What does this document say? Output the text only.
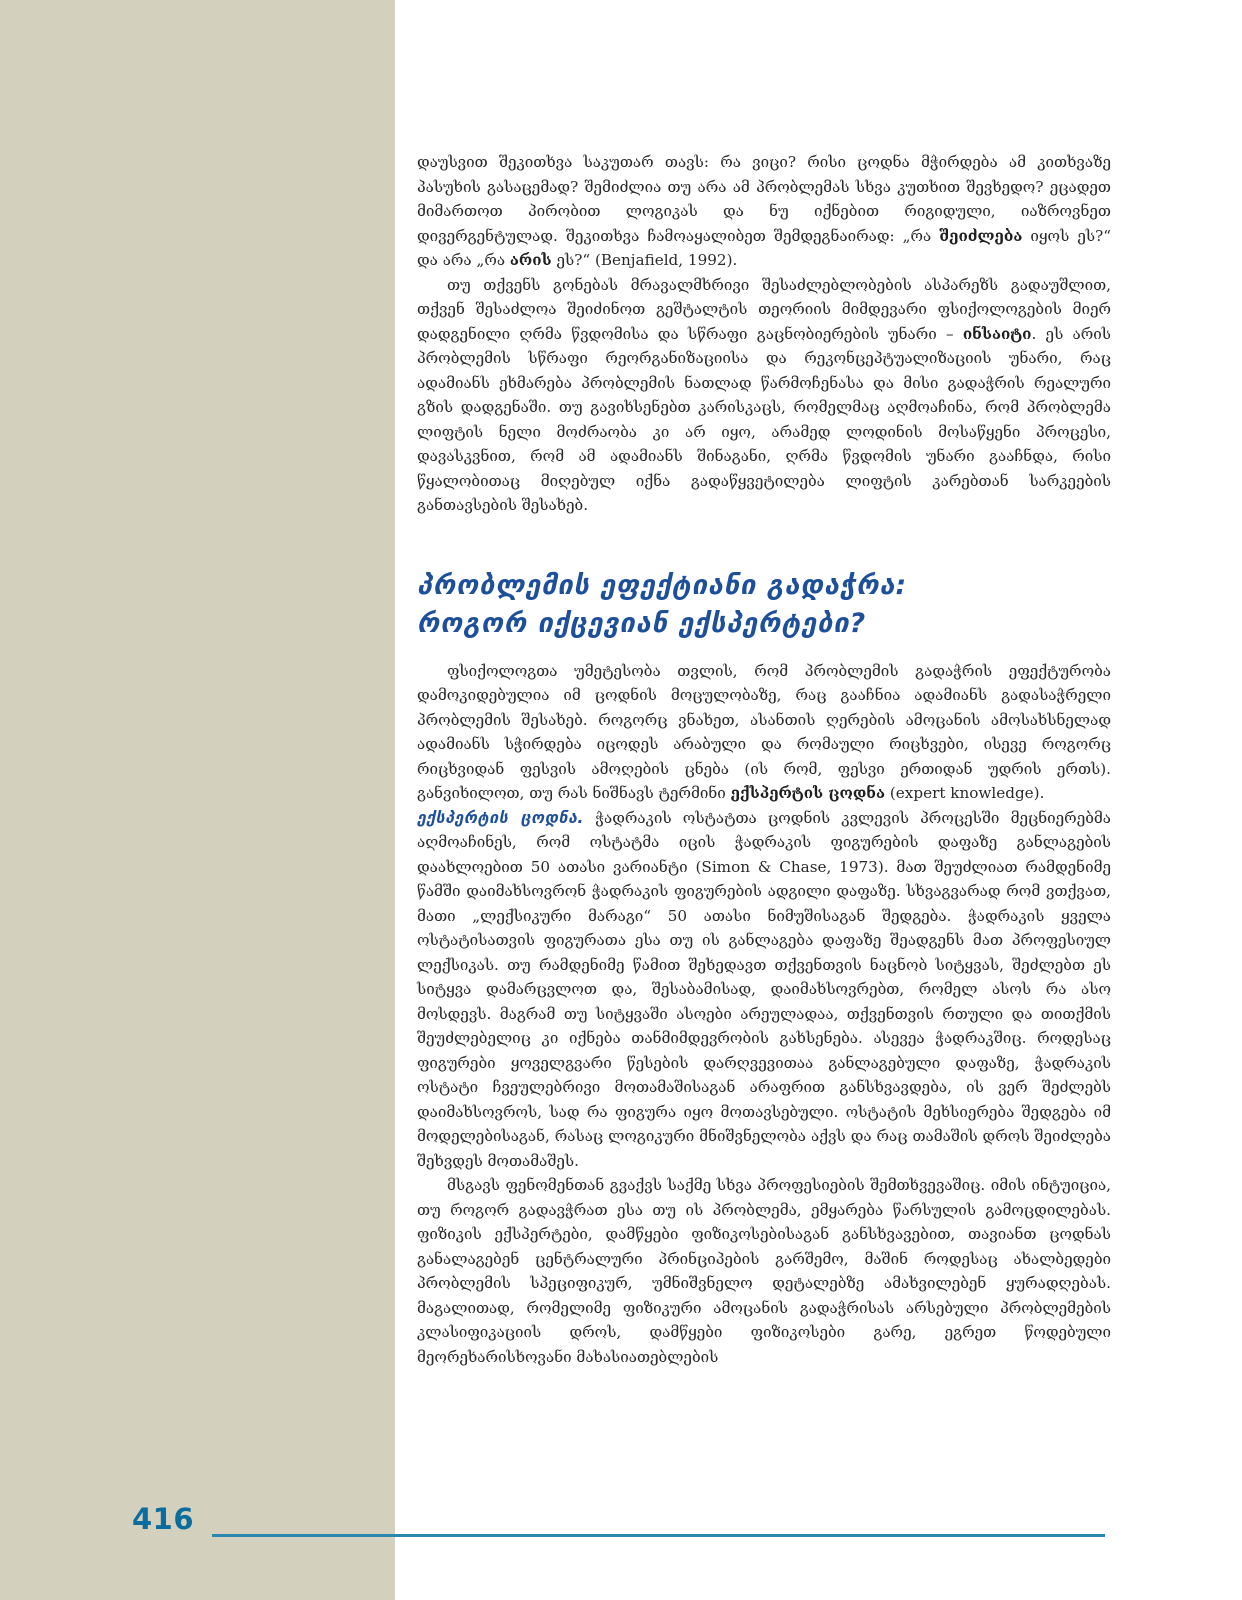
დაუსვით შეკითხვა საკუთარ თავს: რა ვიცი? რისი ცოდნა მჭირდება ამ კითხვაზე პასუხის გასაცემად? შემიძლია თუ არა ამ პრობლემას სხვა კუთხით შევხედო? ეცადეთ მიმართოთ პირობით ლოგიკას და ნუ იქნებით რიგიდული, იაზროვნეთ დივერგენტულად. შეკითხვა ჩამოაყალიბეთ შემდეგნაირად: „რა შეიძლება იყოს ეს?“ და არა „რა არის ეს?“ (Benjafield, 1992).

თუ თქვენს გონებას მრავალმხრივი შესაძლებლობების ასპარეზს გადაუშლით, თქვენ შესაძლოა შეიძინოთ გეშტალტის თეორიის მიმდევარი ფსიქოლოგების მიერ დადგენილი ღრმა წვდომისა და სწრაფი გაცნობიერების უნარი – ინსაიტი. ეს არის პრობლემის სწრაფი რეორგანიზაციისა და რეკონცეპტუალიზაციის უნარი, რაც ადამიანს ეხმარება პრობლემის ნათლად წარმოჩენასა და მისი გადაჭრის რეალური გზის დადგენაში. თუ გავიხსენებთ კარისკაცს, რომელმაც აღმოაჩინა, რომ პრობლემა ლიფტის ნელი მოძრაობა კი არ იყო, არამედ ლოდინის მოსაწყენი პროცესი, დავასკვნით, რომ ამ ადამიანს შინაგანი, ღრმა წვდომის უნარი გააჩნდა, რისი წყალობითაც მიღებულ იქნა გადაწყვეტილება ლიფტის კარებთან სარკეების განთავსების შესახებ.

პრობლემის ეფექტიანი გადაჭრა:
როგორ იქცევიან ექსპერტები?

ფსიქოლოგთა უმეტესობა თვლის, რომ პრობლემის გადაჭრის ეფექტურობა დამოკიდებულია იმ ცოდნის მოცულობაზე, რაც გააჩნია ადამიანს გადასაჭრელი პრობლემის შესახებ. როგორც ვნახეთ, ასანთის ღერების ამოცანის ამოსახსნელად ადამიანს სჭირდება იცოდეს არაბული და რომაული რიცხვები, ისევე როგორც რიცხვიდან ფესვის ამოღების ცნება (ის რომ, ფესვი ერთიდან უდრის ერთს). განვიხილოთ, თუ რას ნიშნავს ტერმინი ექსპერტის ცოდნა (expert knowledge).

ექსპერტის ცოდნა. ჭადრაკის ოსტატთა ცოდნის კვლევის პროცესში მეცნიერებმა აღმოაჩინეს, რომ ოსტატმა იცის ჭადრაკის ფიგურების დაფაზე განლაგების დაახლოებით 50 ათასი ვარიანტი (Simon & Chase, 1973). მათ შეუძლიათ რამდენიმე წამში დაიმახსოვრონ ჭადრაკის ფიგურების ადგილი დაფაზე. სხვაგვარად რომ ვთქვათ, მათი „ლექსიკური მარაგი“ 50 ათასი ნიმუშისაგან შედგება. ჭადრაკის ყველა ოსტატისათვის ფიგურათა ესა თუ ის განლაგება დაფაზე შეადგენს მათ პროფესიულ ლექსიკას. თუ რამდენიმე წამით შეხედავთ თქვენთვის ნაცნობ სიტყვას, შეძლებთ ეს სიტყვა დამარცვლოთ და, შესაბამისად, დაიმახსოვრებთ, რომელ ასოს რა ასო მოსდევს. მაგრამ თუ სიტყვაში ასოები არეულადაა, თქვენთვის რთული და თითქმის შეუძლებელიც კი იქნება თანმიმდევრობის გახსენება. ასევეა ჭადრაკშიც. როდესაც ფიგურები ყოველგვარი წესების დარღვევითაა განლაგებული დაფაზე, ჭადრაკის ოსტატი ჩვეულებრივი მოთამაშისაგან არაფრით განსხვავდება, ის ვერ შეძლებს დაიმახსოვროს, სად რა ფიგურა იყო მოთავსებული. ოსტატის მეხსიერება შედგება იმ მოდელებისაგან, რასაც ლოგიკური მნიშვნელობა აქვს და რაც თამაშის დროს შეიძლება შეხვდეს მოთამაშეს.

მსგავს ფენომენთან გვაქვს საქმე სხვა პროფესიების შემთხვევაშიც. იმის ინტუიცია, თუ როგორ გადავჭრათ ესა თუ ის პრობლემა, ემყარება წარსულის გამოცდილებას. ფიზიკის ექსპერტები, დამწყები ფიზიკოსებისაგან განსხვავებით, თავიანთ ცოდნას განალაგებენ ცენტრალური პრინციპების გარშემო, მაშინ როდესაც ახალბედები პრობლემის სპეციფიკურ, უმნიშვნელო დეტალებზე ამახვილებენ ყურადღებას. მაგალითად, რომელიმე ფიზიკური ამოცანის გადაჭრისას არსებული პრობლემების კლასიფიკაციის დროს, დამწყები ფიზიკოსები გარე, ეგრეთ წოდებული მეორეხარისხოვანი მახასიათებლების

416
